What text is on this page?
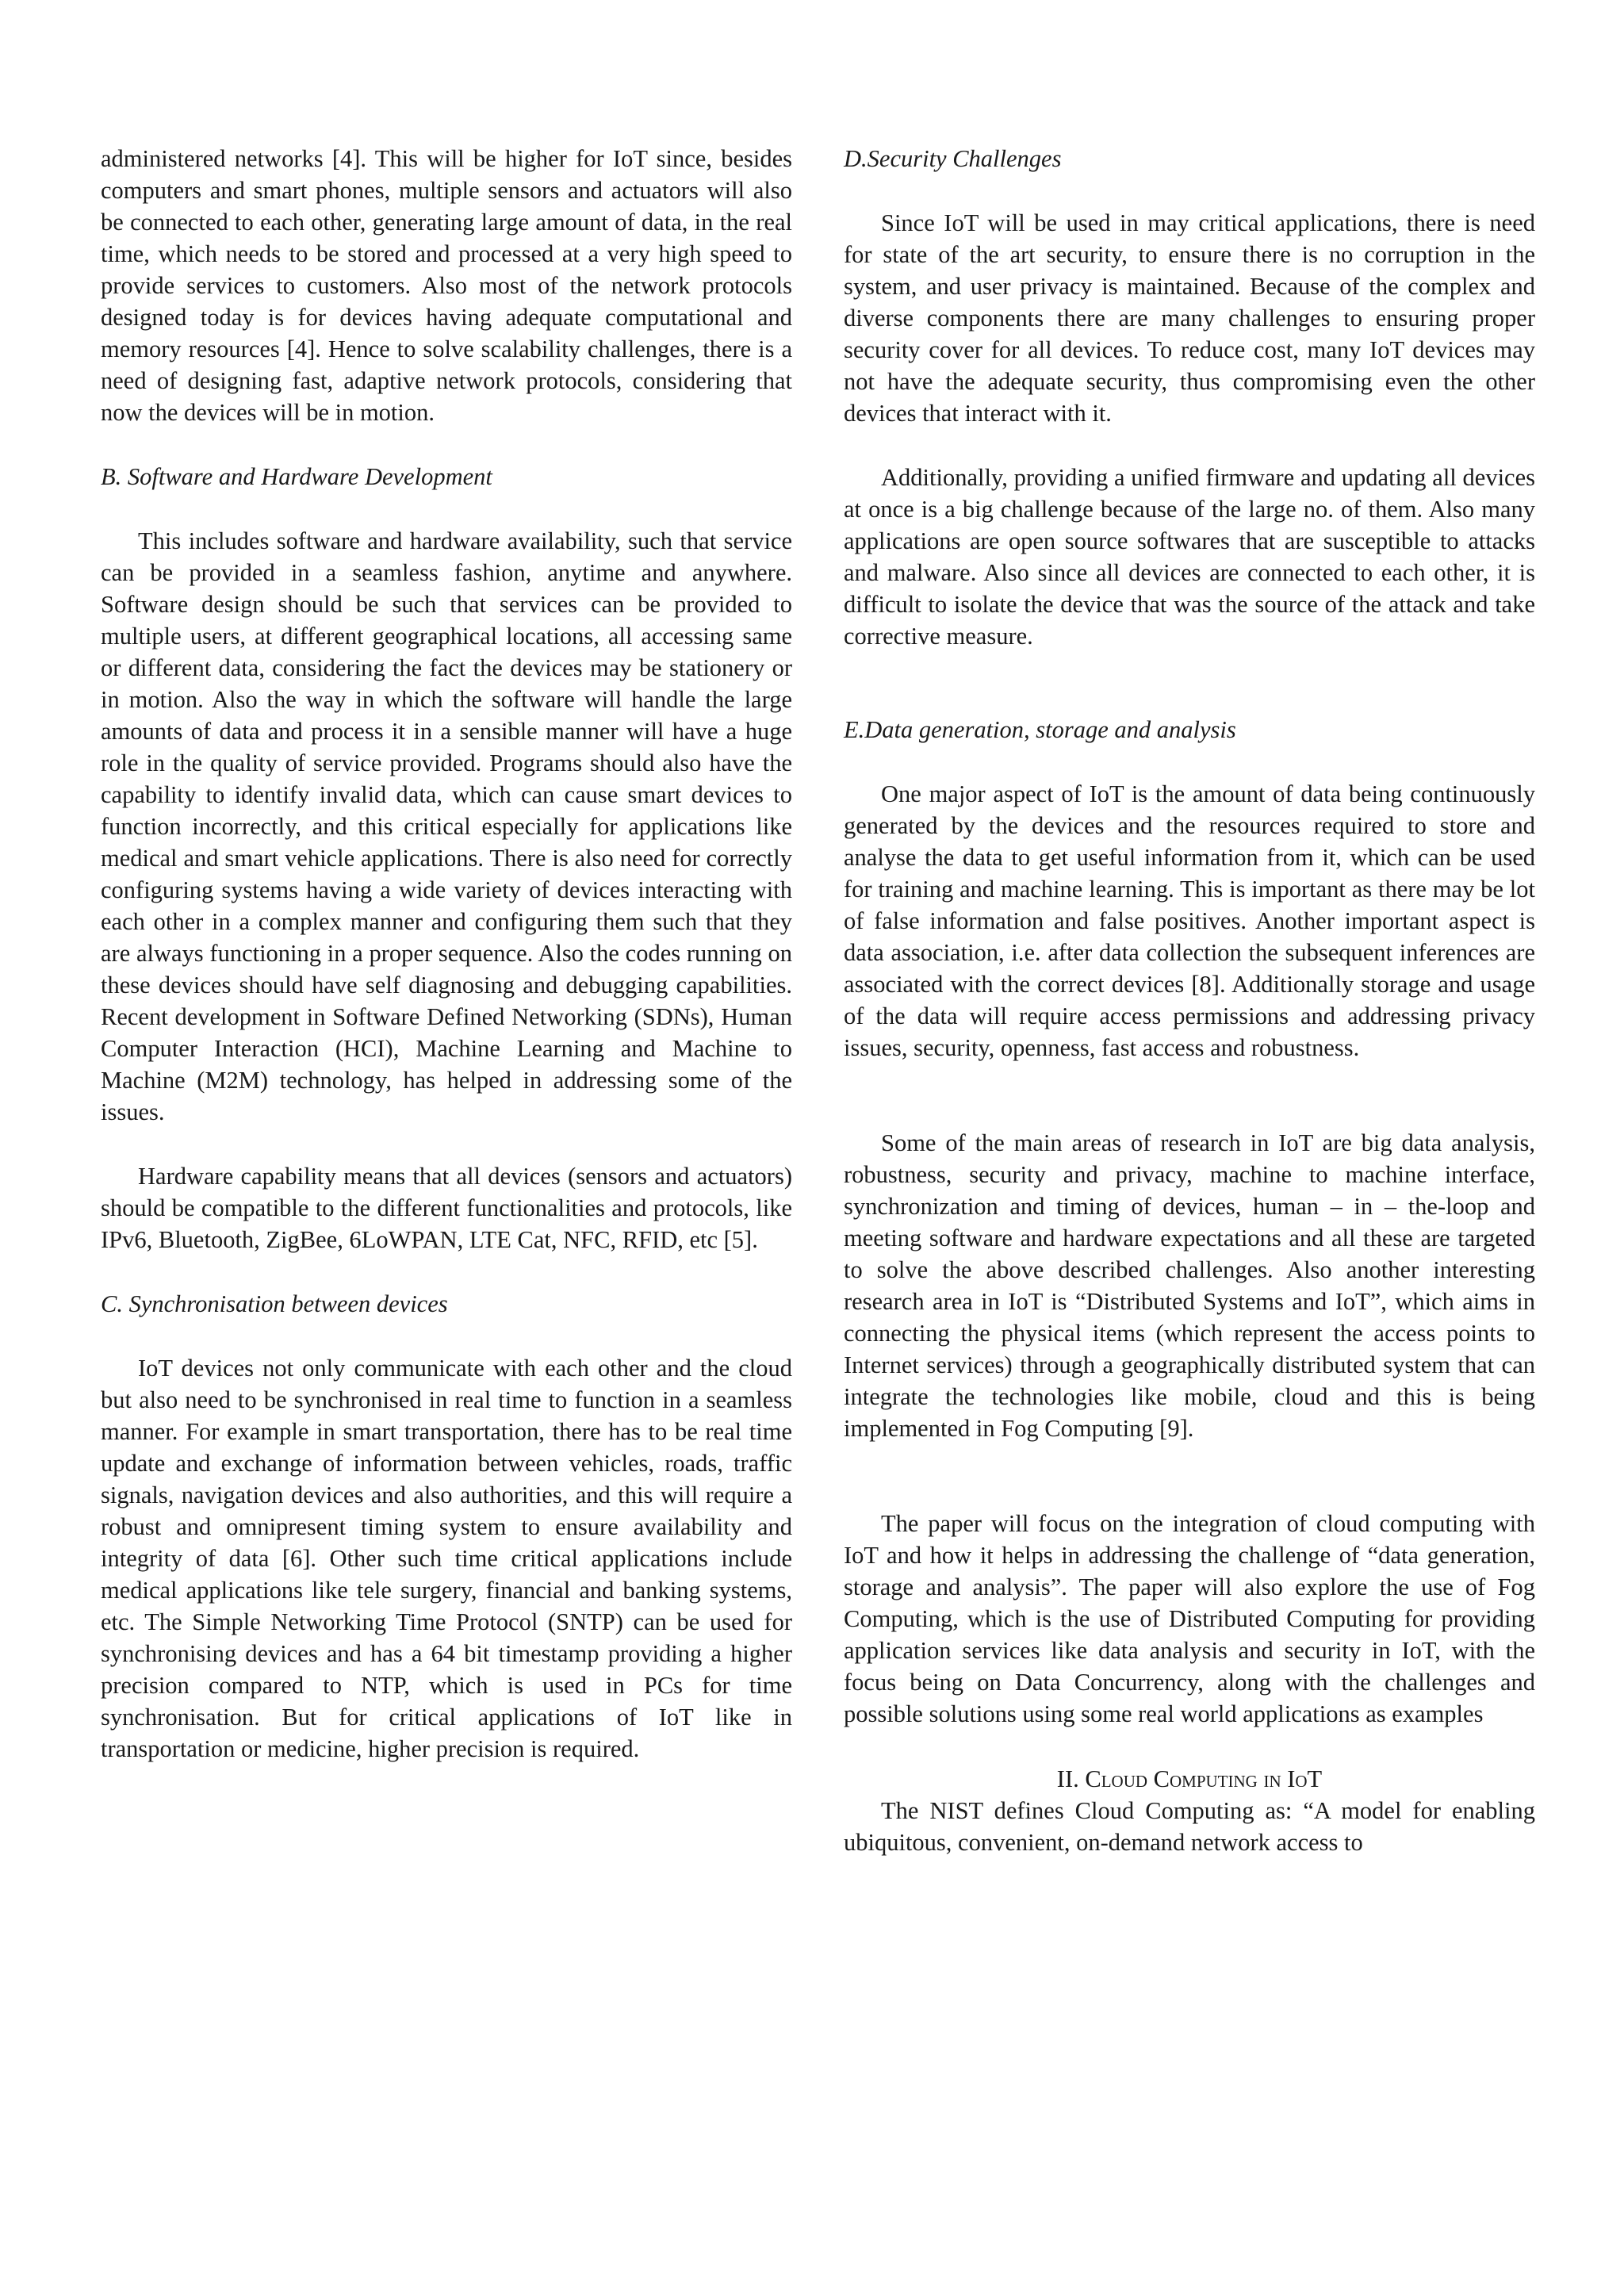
administered networks [4]. This will be higher for IoT since, besides computers and smart phones, multiple sensors and actuators will also be connected to each other, generating large amount of data, in the real time, which needs to be stored and processed at a very high speed to provide services to customers. Also most of the network protocols designed today is for devices having adequate computational and memory resources [4]. Hence to solve scalability challenges, there is a need of designing fast, adaptive network protocols, considering that now the devices will be in motion.

B. Software and Hardware Development

This includes software and hardware availability, such that service can be provided in a seamless fashion, anytime and anywhere. Software design should be such that services can be provided to multiple users, at different geographical locations, all accessing same or different data, considering the fact the devices may be stationery or in motion. Also the way in which the software will handle the large amounts of data and process it in a sensible manner will have a huge role in the quality of service provided. Programs should also have the capability to identify invalid data, which can cause smart devices to function incorrectly, and this critical especially for applications like medical and smart vehicle applications. There is also need for correctly configuring systems having a wide variety of devices interacting with each other in a complex manner and configuring them such that they are always functioning in a proper sequence. Also the codes running on these devices should have self diagnosing and debugging capabilities. Recent development in Software Defined Networking (SDNs), Human Computer Interaction (HCI), Machine Learning and Machine to Machine (M2M) technology, has helped in addressing some of the issues.

Hardware capability means that all devices (sensors and actuators) should be compatible to the different functionalities and protocols, like IPv6, Bluetooth, ZigBee, 6LoWPAN, LTE Cat, NFC, RFID, etc [5].

C. Synchronisation between devices

IoT devices not only communicate with each other and the cloud but also need to be synchronised in real time to function in a seamless manner. For example in smart transportation, there has to be real time update and exchange of information between vehicles, roads, traffic signals, navigation devices and also authorities, and this will require a robust and omnipresent timing system to ensure availability and integrity of data [6]. Other such time critical applications include medical applications like tele surgery, financial and banking systems, etc. The Simple Networking Time Protocol (SNTP) can be used for synchronising devices and has a 64 bit timestamp providing a higher precision compared to NTP, which is used in PCs for time synchronisation. But for critical applications of IoT like in transportation or medicine, higher precision is required.

D.Security Challenges

Since IoT will be used in may critical applications, there is need for state of the art security, to ensure there is no corruption in the system, and user privacy is maintained. Because of the complex and diverse components there are many challenges to ensuring proper security cover for all devices. To reduce cost, many IoT devices may not have the adequate security, thus compromising even the other devices that interact with it.

Additionally, providing a unified firmware and updating all devices at once is a big challenge because of the large no. of them. Also many applications are open source softwares that are susceptible to attacks and malware. Also since all devices are connected to each other, it is difficult to isolate the device that was the source of the attack and take corrective measure.

E.Data generation, storage and analysis

One major aspect of IoT is the amount of data being continuously generated by the devices and the resources required to store and analyse the data to get useful information from it, which can be used for training and machine learning. This is important as there may be lot of false information and false positives. Another important aspect is data association, i.e. after data collection the subsequent inferences are associated with the correct devices [8]. Additionally storage and usage of the data will require access permissions and addressing privacy issues, security, openness, fast access and robustness.

Some of the main areas of research in IoT are big data analysis, robustness, security and privacy, machine to machine interface, synchronization and timing of devices, human – in – the-loop and meeting software and hardware expectations and all these are targeted to solve the above described challenges. Also another interesting research area in IoT is “Distributed Systems and IoT”, which aims in connecting the physical items (which represent the access points to Internet services) through a geographically distributed system that can integrate the technologies like mobile, cloud and this is being implemented in Fog Computing [9].

The paper will focus on the integration of cloud computing with IoT and how it helps in addressing the challenge of “data generation, storage and analysis”. The paper will also explore the use of Fog Computing, which is the use of Distributed Computing for providing application services like data analysis and security in IoT, with the focus being on Data Concurrency, along with the challenges and possible solutions using some real world applications as examples

II. Cloud Computing in IoT

The NIST defines Cloud Computing as: “A model for enabling ubiquitous, convenient, on-demand network access to
